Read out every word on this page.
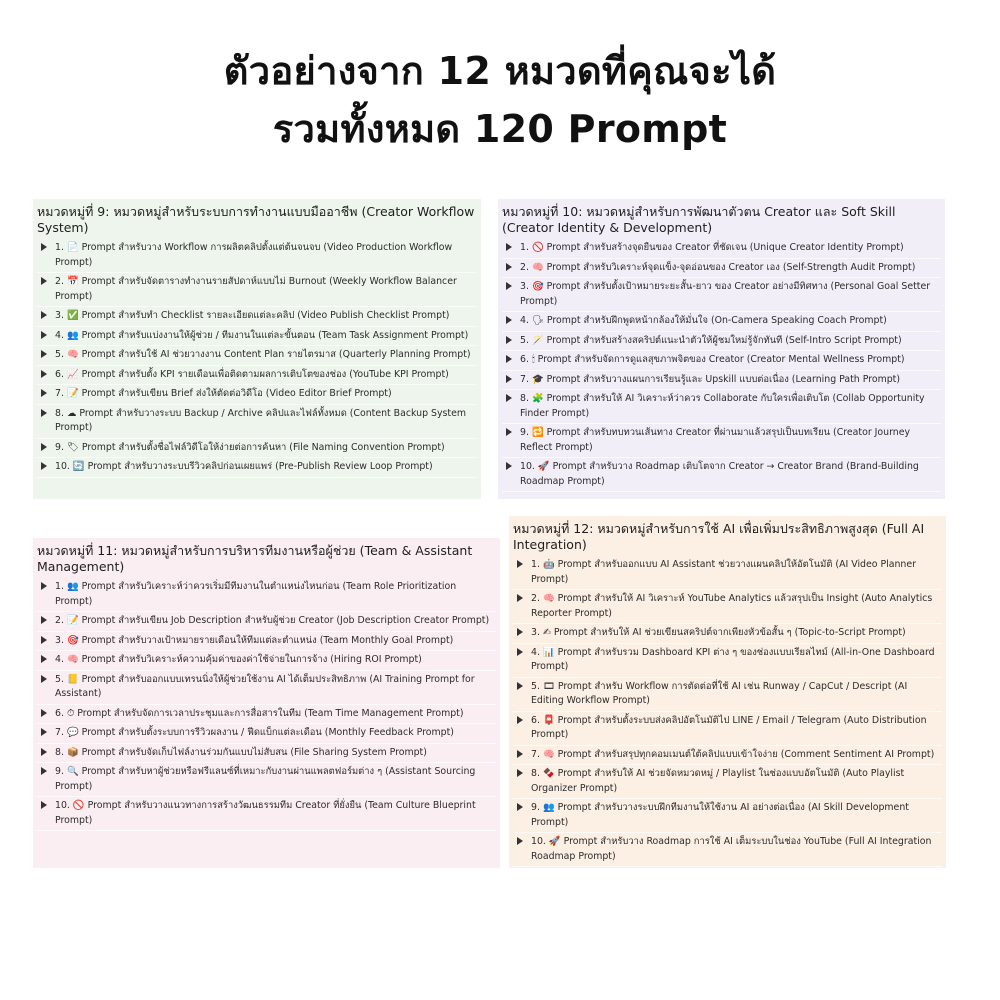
ตัวอย่างจาก 12 หมวดที่คุณจะได้
รวมทั้งหมด 120 Prompt
หมวดหมู่ที่ 9: หมวดหมู่สำหรับระบบการทำงานแบบมืออาชีพ (Creator Workflow System)
1. 📄 Prompt สำหรับวาง Workflow การผลิตคลิปตั้งแต่ต้นจนจบ (Video Production Workflow Prompt)
2. 📅 Prompt สำหรับจัดตารางทำงานรายสัปดาห์แบบไม่ Burnout (Weekly Workflow Balancer Prompt)
3. ✅ Prompt สำหรับทำ Checklist รายละเอียดแต่ละคลิป (Video Publish Checklist Prompt)
4. 👥 Prompt สำหรับแบ่งงานให้ผู้ช่วย / ทีมงานในแต่ละขั้นตอน (Team Task Assignment Prompt)
5. 🧠 Prompt สำหรับใช้ AI ช่วยวางงาน Content Plan รายไตรมาส (Quarterly Planning Prompt)
6. 📈 Prompt สำหรับตั้ง KPI รายเดือนเพื่อติดตามผลการเติบโตของช่อง (YouTube KPI Prompt)
7. 📝 Prompt สำหรับเขียน Brief ส่งให้ตัดต่อวิดีโอ (Video Editor Brief Prompt)
8. ☁ Prompt สำหรับวางระบบ Backup / Archive คลิปและไฟล์ทั้งหมด (Content Backup System Prompt)
9. 🏷 Prompt สำหรับตั้งชื่อไฟล์วิดีโอให้ง่ายต่อการค้นหา (File Naming Convention Prompt)
10. 🔄 Prompt สำหรับวางระบบรีวิวคลิปก่อนเผยแพร่ (Pre-Publish Review Loop Prompt)
หมวดหมู่ที่ 10: หมวดหมู่สำหรับการพัฒนาตัวตน Creator และ Soft Skill (Creator Identity & Development)
1. 🚫 Prompt สำหรับสร้างจุดยืนของ Creator ที่ชัดเจน (Unique Creator Identity Prompt)
2. 🧠 Prompt สำหรับวิเคราะห์จุดแข็ง-จุดอ่อนของ Creator เอง (Self-Strength Audit Prompt)
3. 🎯 Prompt สำหรับตั้งเป้าหมายระยะสั้น-ยาว ของ Creator อย่างมีทิศทาง (Personal Goal Setter Prompt)
4. 🗣 Prompt สำหรับฝึกพูดหน้ากล้องให้มั่นใจ (On-Camera Speaking Coach Prompt)
5. 🪄 Prompt สำหรับสร้างสคริปต์แนะนำตัวให้ผู้ชมใหม่รู้จักทันที (Self-Intro Script Prompt)
6. 🕯 Prompt สำหรับจัดการดูแลสุขภาพจิตของ Creator (Creator Mental Wellness Prompt)
7. 🎓 Prompt สำหรับวางแผนการเรียนรู้และ Upskill แบบต่อเนื่อง (Learning Path Prompt)
8. 🧩 Prompt สำหรับให้ AI วิเคราะห์ว่าควร Collaborate กับใครเพื่อเติบโต (Collab Opportunity Finder Prompt)
9. 🔁 Prompt สำหรับทบทวนเส้นทาง Creator ที่ผ่านมาแล้วสรุปเป็นบทเรียน (Creator Journey Reflect Prompt)
10. 🚀 Prompt สำหรับวาง Roadmap เติบโตจาก Creator → Creator Brand (Brand-Building Roadmap Prompt)
หมวดหมู่ที่ 11: หมวดหมู่สำหรับการบริหารทีมงานหรือผู้ช่วย (Team & Assistant Management)
1. 👥 Prompt สำหรับวิเคราะห์ว่าควรเริ่มมีทีมงานในตำแหน่งไหนก่อน (Team Role Prioritization Prompt)
2. 📝 Prompt สำหรับเขียน Job Description สำหรับผู้ช่วย Creator (Job Description Creator Prompt)
3. 🎯 Prompt สำหรับวางเป้าหมายรายเดือนให้ทีมแต่ละตำแหน่ง (Team Monthly Goal Prompt)
4. 🧠 Prompt สำหรับวิเคราะห์ความคุ้มค่าของค่าใช้จ่ายในการจ้าง (Hiring ROI Prompt)
5. 📒 Prompt สำหรับออกแบบเทรนนิ่งให้ผู้ช่วยใช้งาน AI ได้เต็มประสิทธิภาพ (AI Training Prompt for Assistant)
6. ⏱ Prompt สำหรับจัดการเวลาประชุมและการสื่อสารในทีม (Team Time Management Prompt)
7. 💬 Prompt สำหรับตั้งระบบการรีวิวผลงาน / ฟีดแบ็กแต่ละเดือน (Monthly Feedback Prompt)
8. 📦 Prompt สำหรับจัดเก็บไฟล์งานร่วมกันแบบไม่สับสน (File Sharing System Prompt)
9. 🔍 Prompt สำหรับหาผู้ช่วยหรือฟรีแลนซ์ที่เหมาะกับงานผ่านแพลตฟอร์มต่าง ๆ (Assistant Sourcing Prompt)
10. 🚫 Prompt สำหรับวางแนวทางการสร้างวัฒนธรรมทีม Creator ที่ยั่งยืน (Team Culture Blueprint Prompt)
หมวดหมู่ที่ 12: หมวดหมู่สำหรับการใช้ AI เพื่อเพิ่มประสิทธิภาพสูงสุด (Full AI Integration)
1. 🤖 Prompt สำหรับออกแบบ AI Assistant ช่วยวางแผนคลิปให้อัตโนมัติ (AI Video Planner Prompt)
2. 🧠 Prompt สำหรับให้ AI วิเคราะห์ YouTube Analytics แล้วสรุปเป็น Insight (Auto Analytics Reporter Prompt)
3. ✍ Prompt สำหรับให้ AI ช่วยเขียนสคริปต์จากเพียงหัวข้อสั้น ๆ (Topic-to-Script Prompt)
4. 📊 Prompt สำหรับรวม Dashboard KPI ต่าง ๆ ของช่องแบบเรียลไทม์ (All-in-One Dashboard Prompt)
5. 🎞 Prompt สำหรับ Workflow การตัดต่อที่ใช้ AI เช่น Runway / CapCut / Descript (AI Editing Workflow Prompt)
6. 📮 Prompt สำหรับตั้งระบบส่งคลิปอัตโนมัติไป LINE / Email / Telegram (Auto Distribution Prompt)
7. 🧠 Prompt สำหรับสรุปทุกคอมเมนต์ใต้คลิปแบบเข้าใจง่าย (Comment Sentiment AI Prompt)
8. 🍫 Prompt สำหรับให้ AI ช่วยจัดหมวดหมู่ / Playlist ในช่องแบบอัตโนมัติ (Auto Playlist Organizer Prompt)
9. 👥 Prompt สำหรับวางระบบฝึกทีมงานให้ใช้งาน AI อย่างต่อเนื่อง (AI Skill Development Prompt)
10. 🚀 Prompt สำหรับวาง Roadmap การใช้ AI เต็มระบบในช่อง YouTube (Full AI Integration Roadmap Prompt)
